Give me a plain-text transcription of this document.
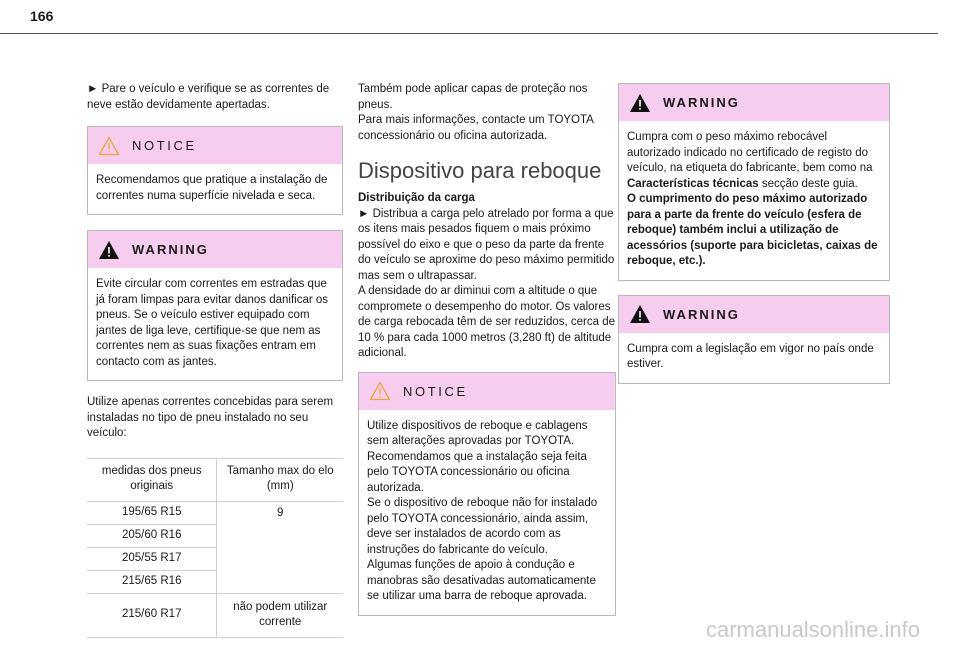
166

► Pare o veículo e verifique se as correntes de neve estão devidamente apertadas.

NOTICE
Recomendamos que pratique a instalação de correntes numa superfície nivelada e seca.
WARNING
Evite circular com correntes em estradas que já foram limpas para evitar danos danificar os pneus. Se o veículo estiver equipado com jantes de liga leve, certifique-se que nem as correntes nem as suas fixações entram em contacto com as jantes.

Utilize apenas correntes concebidas para serem instaladas no tipo de pneu instalado no seu veículo:

medidas dos pneus originais	Tamanho max do elo (mm)
195/65 R15	9
205/60 R16	
205/55 R17	
215/65 R16	
215/60 R17	não podem utilizar corrente

Também pode aplicar capas de proteção nos pneus.

Para mais informações, contacte um TOYOTA concessionário ou oficina autorizada.

Dispositivo para reboque
Distribuição da carga

► Distribua a carga pelo atrelado por forma a que os itens mais pesados fiquem o mais próximo possível do eixo e que o peso da parte da frente do veículo se aproxime do peso máximo permitido mas sem o ultrapassar.

A densidade do ar diminui com a altitude o que compromete o desempenho do motor. Os valores de carga rebocada têm de ser reduzidos, cerca de 10 % para cada 1000 metros (3,280 ft) de altitude adicional.

NOTICE
Utilize dispositivos de reboque e cablagens sem alterações aprovadas por TOYOTA.
Recomendamos que a instalação seja feita pelo TOYOTA concessionário ou oficina autorizada.
Se o dispositivo de reboque não for instalado pelo TOYOTA concessionário, ainda assim, deve ser instalados de acordo com as instruções do fabricante do veículo.
Algumas funções de apoio à condução e manobras são desativadas automaticamente se utilizar uma barra de reboque aprovada.
WARNING
Cumpra com o peso máximo rebocável autorizado indicado no certificado de registo do veículo, na etiqueta do fabricante, bem como na Características técnicas secção deste guia.
O cumprimento do peso máximo autorizado para a parte da frente do veículo (esfera de reboque) também inclui a utilização de acessórios (suporte para bicicletas, caixas de reboque, etc.).
WARNING
Cumpra com a legislação em vigor no país onde estiver.
carmanualsonline.info
